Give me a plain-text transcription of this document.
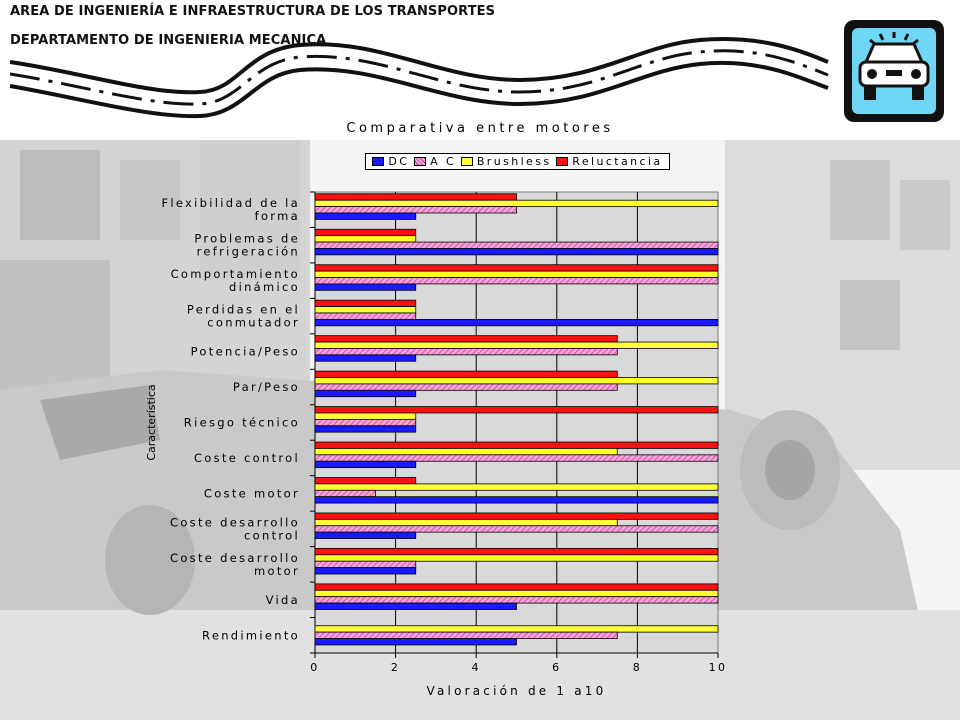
AREA DE INGENIERÍA E INFRAESTRUCTURA DE LOS TRANSPORTES
DEPARTAMENTO DE INGENIERIA MECANICA
Comparativa entre motores
DC A C Brushless Reluctancia
0	2	4	6	8	10
Flexibilidad de la
forma
Problemas de
refrigeración
Comportamiento
dinámico
Perdidas en el
conmutador
Potencia/Peso
Par/Peso
Riesgo técnico
Coste control
Coste motor
Coste desarrollo
control
Coste desarrollo
motor
Vida
Rendimiento
Valoración de 1 a10
Característica
